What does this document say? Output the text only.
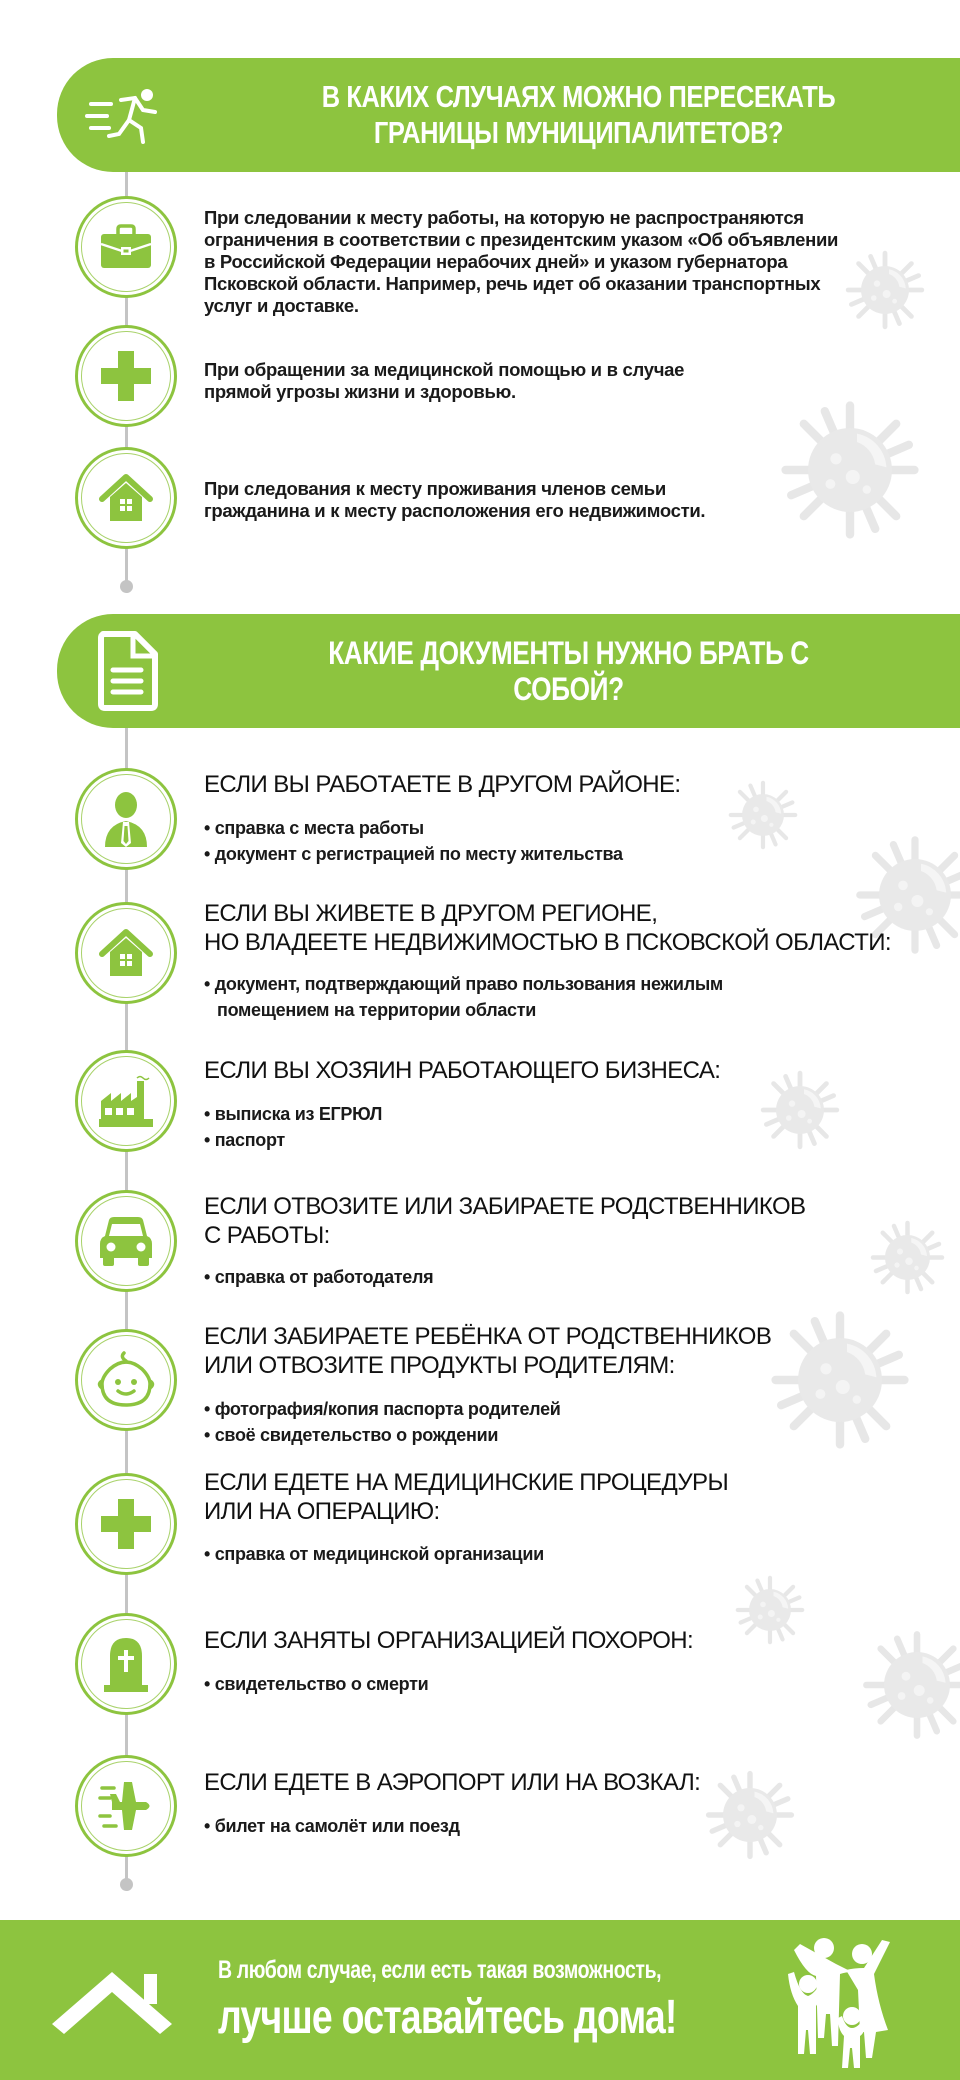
В КАКИХ СЛУЧАЯХ МОЖНО ПЕРЕСЕКАТЬ
ГРАНИЦЫ МУНИЦИПАЛИТЕТОВ?
При следовании к месту работы, на которую не распространяются
ограничения в соответствии с президентским указом «Об объявлении
в Российской Федерации нерабочих дней» и указом губернатора
Псковской области. Например, речь идет об оказании транспортных
услуг и доставке.
При обращении за медицинской помощью и в случае
прямой угрозы жизни и здоровью.
При следования к месту проживания членов семьи
гражданина и к месту расположения его недвижимости.
КАКИЕ ДОКУМЕНТЫ НУЖНО БРАТЬ С СОБОЙ?
ЕСЛИ ВЫ РАБОТАЕТЕ В ДРУГОМ РАЙОНЕ:
• справка с места работы
• документ с регистрацией по месту жительства
ЕСЛИ ВЫ ЖИВЕТЕ В ДРУГОМ РЕГИОНЕ,
НО ВЛАДЕЕТЕ НЕДВИЖИМОСТЬЮ В ПСКОВСКОЙ ОБЛАСТИ:
• документ, подтверждающий право пользования нежилым
помещением на территории области
ЕСЛИ ВЫ ХОЗЯИН РАБОТАЮЩЕГО БИЗНЕСА:
• выписка из ЕГРЮЛ
• паспорт
ЕСЛИ ОТВОЗИТЕ ИЛИ ЗАБИРАЕТЕ РОДСТВЕННИКОВ
С РАБОТЫ:
• справка от работодателя
ЕСЛИ ЗАБИРАЕТЕ РЕБЁНКА ОТ РОДСТВЕННИКОВ
ИЛИ ОТВОЗИТЕ ПРОДУКТЫ РОДИТЕЛЯМ:
• фотография/копия паспорта родителей
• своё свидетельство о рождении
ЕСЛИ ЕДЕТЕ НА МЕДИЦИНСКИЕ ПРОЦЕДУРЫ
ИЛИ НА ОПЕРАЦИЮ:
• справка от медицинской организации
ЕСЛИ ЗАНЯТЫ ОРГАНИЗАЦИЕЙ ПОХОРОН:
• свидетельство о смерти
ЕСЛИ ЕДЕТЕ В АЭРОПОРТ ИЛИ НА ВОЗКАЛ:
• билет на самолёт или поезд
В любом случае, если есть такая возможность,
лучше оставайтесь дома!
